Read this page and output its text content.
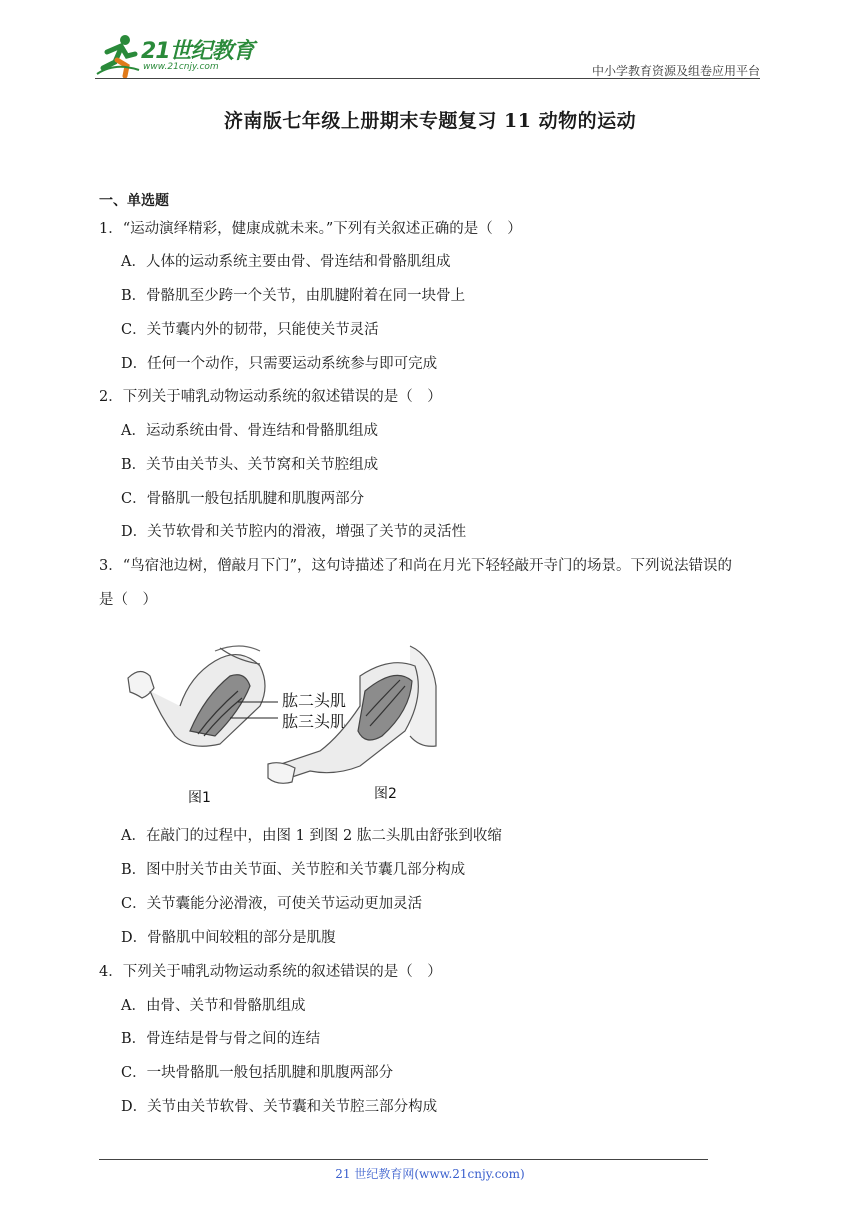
21世纪教育
www.21cnjy.com	中小学教育资源及组卷应用平台
济南版七年级上册期末专题复习 11 动物的运动
一、单选题
1．“运动演绎精彩，健康成就未来。”下列有关叙述正确的是（　）
A．人体的运动系统主要由骨、骨连结和骨骼肌组成
B．骨骼肌至少跨一个关节，由肌腱附着在同一块骨上
C．关节囊内外的韧带，只能使关节灵活
D．任何一个动作，只需要运动系统参与即可完成
2．下列关于哺乳动物运动系统的叙述错误的是（　）
A．运动系统由骨、骨连结和骨骼肌组成
B．关节由关节头、关节窝和关节腔组成
C．骨骼肌一般包括肌腱和肌腹两部分
D．关节软骨和关节腔内的滑液，增强了关节的灵活性
3．“鸟宿池边树，僧敲月下门”，这句诗描述了和尚在月光下轻轻敲开寺门的场景。下列说法错误的
是（　）
肱二头肌
肱三头肌
图1	图2
A．在敲门的过程中，由图 1 到图 2 肱二头肌由舒张到收缩
B．图中肘关节由关节面、关节腔和关节囊几部分构成
C．关节囊能分泌滑液，可使关节运动更加灵活
D．骨骼肌中间较粗的部分是肌腹
4．下列关于哺乳动物运动系统的叙述错误的是（　）
A．由骨、关节和骨骼肌组成
B．骨连结是骨与骨之间的连结
C．一块骨骼肌一般包括肌腱和肌腹两部分
D．关节由关节软骨、关节囊和关节腔三部分构成
21 世纪教育网(www.21cnjy.com)
